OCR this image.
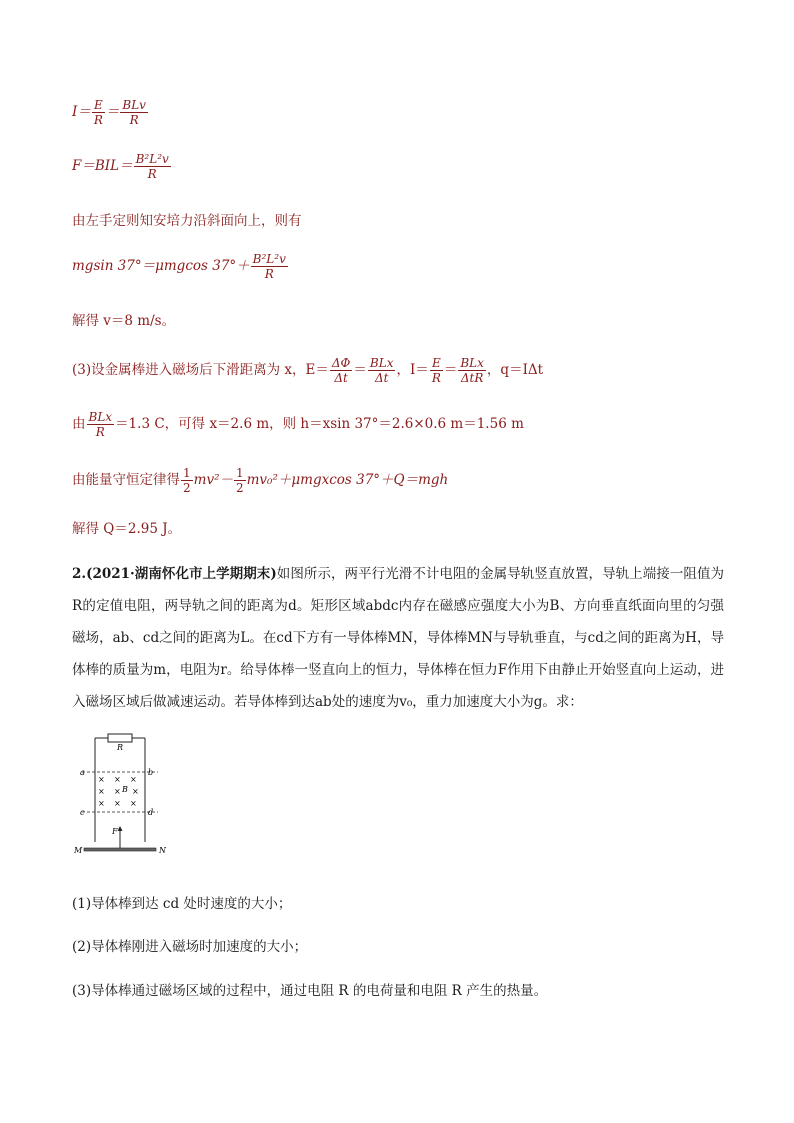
$I= \frac{E}{R} = \frac{\text{BLv}}{R}$
$F=BIL= \frac{\text{B²L²v}}{R}$
由左手定则知安培力沿斜面向上，则有
mgsin 37°＝μmgcos $37^\circ+ \frac{\text{B²L²v}}{R}$
解得 v＝8 m/s。
(3)设金属棒进入磁场后下滑距离为 x，$E= \frac{\Delta\Phi}{\Delta t} = \frac{\text{BLx}}{\Delta t}$ ，$I= \frac{E}{R} = \frac{\text{BLx}}{\text{ΔtR}}$ ，q＝IΔt
由 $\frac{\text{BLx}}{R} =1.3$ C，可得 x＝2.6 m，则 h＝xsin 37°＝2.6×0.6 m＝1.56 m
由能量守恒定律得 $\frac{1}{2} mv^2- \frac{1}{2} mv_0^2+\mu mgxcos$ 37°＋Q＝mgh
解得 Q＝2.95 J。
2.(2021·湖南怀化市上学期期末)如图所示，两平行光滑不计电阻的金属导轨竖直放置，导轨上端接一阻值为R的定值电阻，两导轨之间的距离为d。矩形区域abdc内存在磁感应强度大小为B、方向垂直纸面向里的匀强磁场，ab、cd之间的距离为L。在cd下方有一导体棒MN，导体棒MN与导轨垂直，与cd之间的距离为H，导体棒的质量为m，电阻为r。给导体棒一竖直向上的恒力，导体棒在恒力F作用下由静止开始竖直向上运动，进入磁场区域后做减速运动。若导体棒到达ab处的速度为v₀，重力加速度大小为g。求：
R
a	b
c	d
× × ×
× × B ×
× × ×
F
M	N
(1)导体棒到达 cd 处时速度的大小；
(2)导体棒刚进入磁场时加速度的大小；
(3)导体棒通过磁场区域的过程中，通过电阻 R 的电荷量和电阻 R 产生的热量。
